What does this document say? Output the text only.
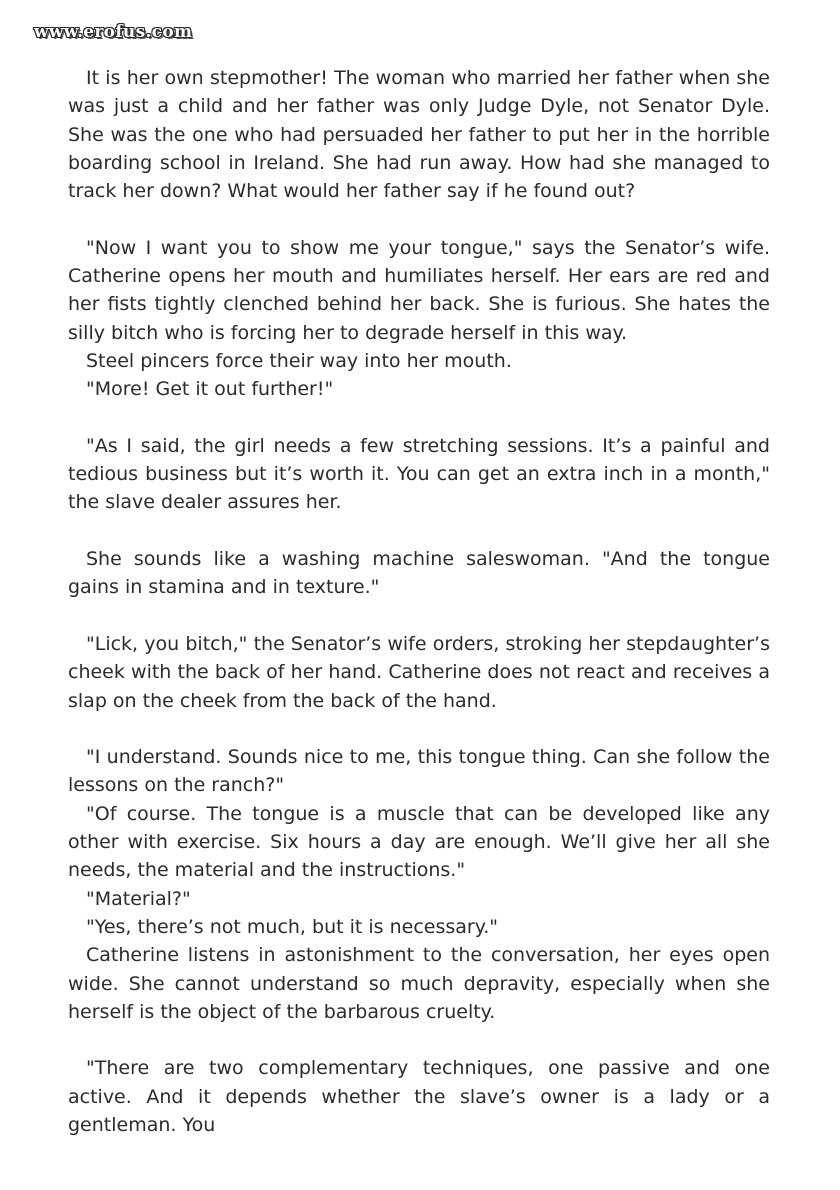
www.erofus.com

It is her own stepmother! The woman who married her father when she was just a child and her father was only Judge Dyle, not Senator Dyle. She was the one who had persuaded her father to put her in the horrible boarding school in Ireland. She had run away. How had she managed to track her down? What would her father say if he found out?

"Now I want you to show me your tongue," says the Senator’s wife. Catherine opens her mouth and humiliates herself. Her ears are red and her fists tightly clenched behind her back. She is furious. She hates the silly bitch who is forcing her to degrade herself in this way.

Steel pincers force their way into her mouth.

"More! Get it out further!"

"As I said, the girl needs a few stretching sessions. It’s a painful and tedious business but it’s worth it. You can get an extra inch in a month," the slave dealer assures her.

She sounds like a washing machine saleswoman. "And the tongue gains in stamina and in texture."

"Lick, you bitch," the Senator’s wife orders, stroking her stepdaughter’s cheek with the back of her hand. Catherine does not react and receives a slap on the cheek from the back of the hand.

"I understand. Sounds nice to me, this tongue thing. Can she follow the lessons on the ranch?"

"Of course. The tongue is a muscle that can be developed like any other with exercise. Six hours a day are enough. We’ll give her all she needs, the material and the instructions."

"Material?"

"Yes, there’s not much, but it is necessary."

Catherine listens in astonishment to the conversation, her eyes open wide. She cannot understand so much depravity, especially when she herself is the object of the barbarous cruelty.

"There are two complementary techniques, one passive and one active. And it depends whether the slave’s owner is a lady or a gentleman. You
